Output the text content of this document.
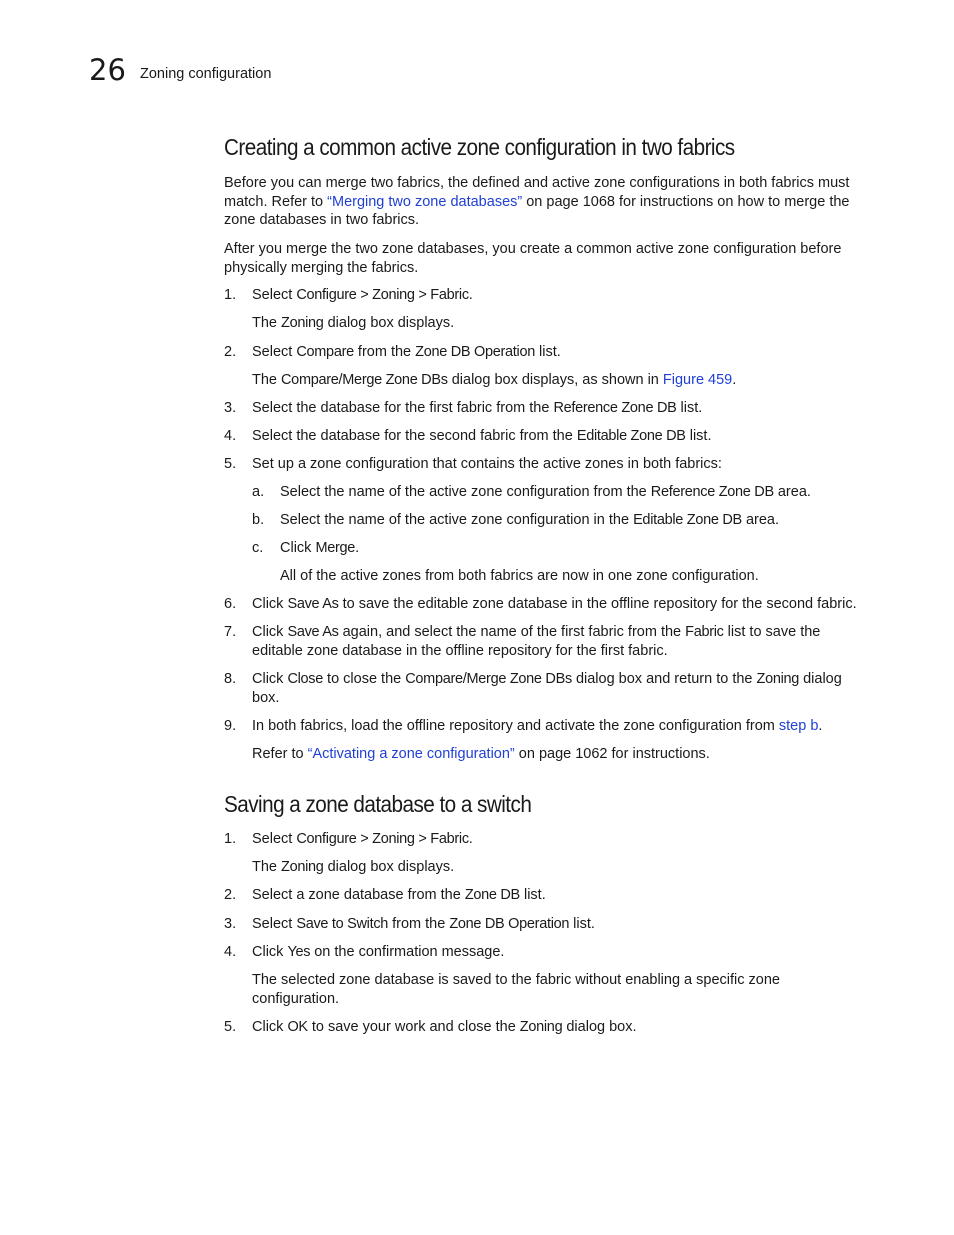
26 Zoning configuration
Creating a common active zone configuration in two fabrics

Before you can merge two fabrics, the defined and active zone configurations in both fabrics must match. Refer to “Merging two zone databases” on page 1068 for instructions on how to merge the zone databases in two fabrics.

After you merge the two zone databases, you create a common active zone configuration before physically merging the fabrics.

1. Select Configure > Zoning > Fabric.

The Zoning dialog box displays.

2. Select Compare from the Zone DB Operation list.

The Compare/Merge Zone DBs dialog box displays, as shown in Figure 459.

3. Select the database for the first fabric from the Reference Zone DB list.

4. Select the database for the second fabric from the Editable Zone DB list.

5. Set up a zone configuration that contains the active zones in both fabrics:

a. Select the name of the active zone configuration from the Reference Zone DB area.

b. Select the name of the active zone configuration in the Editable Zone DB area.

c. Click Merge.

All of the active zones from both fabrics are now in one zone configuration.

6. Click Save As to save the editable zone database in the offline repository for the second fabric.

7. Click Save As again, and select the name of the first fabric from the Fabric list to save the editable zone database in the offline repository for the first fabric.

8. Click Close to close the Compare/Merge Zone DBs dialog box and return to the Zoning dialog box.

9. In both fabrics, load the offline repository and activate the zone configuration from step b.

Refer to “Activating a zone configuration” on page 1062 for instructions.

Saving a zone database to a switch
1. Select Configure > Zoning > Fabric.

The Zoning dialog box displays.

2. Select a zone database from the Zone DB list.

3. Select Save to Switch from the Zone DB Operation list.

4. Click Yes on the confirmation message.

The selected zone database is saved to the fabric without enabling a specific zone configuration.

5. Click OK to save your work and close the Zoning dialog box.
